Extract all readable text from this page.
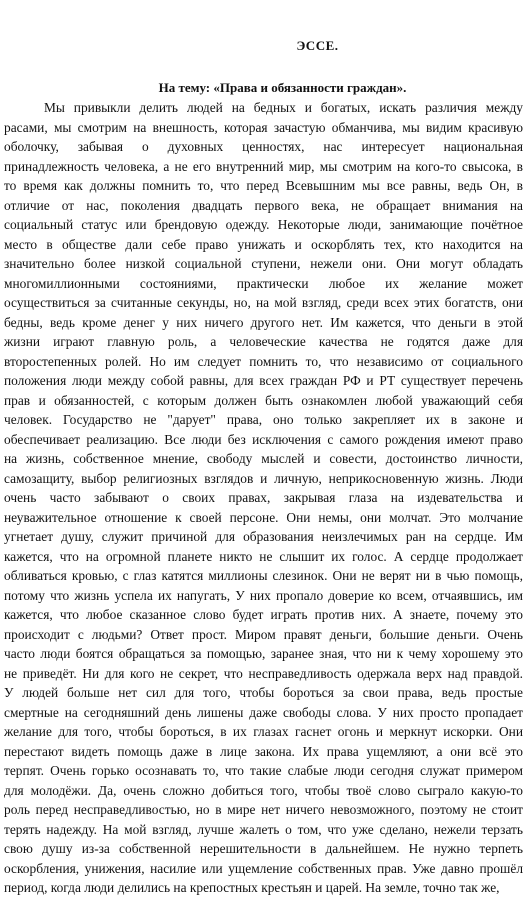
ЭССЕ.
На тему: «Права и обязанности граждан».
Мы привыкли делить людей на бедных и богатых, искать различия между
расами, мы смотрим на внешность, которая зачастую обманчива, мы видим красивую
оболочку, забывая о духовных ценностях, нас интересует национальная
принадлежность человека, а не его внутренний мир, мы смотрим на кого-то свысока, в
то время как должны помнить то, что перед Всевышним мы все равны, ведь Он, в
отличие от нас, поколения двадцать первого века, не обращает внимания на
социальный статус или брендовую одежду. Некоторые люди, занимающие почётное
место в обществе дали себе право унижать и оскорблять тех, кто находится на
значительно более низкой социальной ступени, нежели они. Они могут обладать
многомиллионными состояниями, практически любое их желание может
осуществиться за считанные секунды, но, на мой взгляд, среди всех этих богатств, они
бедны, ведь кроме денег у них ничего другого нет. Им кажется, что деньги в этой
жизни играют главную роль, а человеческие качества не годятся даже для
второстепенных ролей. Но им следует помнить то, что независимо от социального
положения люди между собой равны, для всех граждан РФ и РТ существует перечень
прав и обязанностей, с которым должен быть ознакомлен любой уважающий себя
человек. Государство не "дарует" права, оно только закрепляет их в законе и
обеспечивает реализацию. Все люди без исключения с самого рождения имеют право
на жизнь, собственное мнение, свободу мыслей и совести, достоинство личности,
самозащиту, выбор религиозных взглядов и личную, неприкосновенную жизнь. Люди
очень часто забывают о своих правах, закрывая глаза на издевательства и
неуважительное отношение к своей персоне. Они немы, они молчат. Это молчание
угнетает душу, служит причиной для образования неизлечимых ран на сердце. Им
кажется, что на огромной планете никто не слышит их голос. А сердце продолжает
обливаться кровью, с глаз катятся миллионы слезинок. Они не верят ни в чью помощь,
потому что жизнь успела их напугать, У них пропало доверие ко всем, отчаявшись, им
кажется, что любое сказанное слово будет играть против них. А знаете, почему это
происходит с людьми? Ответ прост. Миром правят деньги, большие деньги. Очень
часто люди боятся обращаться за помощью, заранее зная, что ни к чему хорошему это
не приведёт. Ни для кого не секрет, что несправедливость одержала верх над правдой.
У людей больше нет сил для того, чтобы бороться за свои права, ведь простые
смертные на сегодняшний день лишены даже свободы слова. У них просто пропадает
желание для того, чтобы бороться, в их глазах гаснет огонь и меркнут искорки. Они
перестают видеть помощь даже в лице закона. Их права ущемляют, а они всё это
терпят. Очень горько осознавать то, что такие слабые люди сегодня служат примером
для молодёжи. Да, очень сложно добиться того, чтобы твоё слово сыграло какую-то
роль перед несправедливостью, но в мире нет ничего невозможного, поэтому не стоит
терять надежду. На мой взгляд, лучше жалеть о том, что уже сделано, нежели терзать
свою душу из-за собственной нерешительности в дальнейшем. Не нужно терпеть
оскорбления, унижения, насилие или ущемление собственных прав. Уже давно прошёл
период, когда люди делились на крепостных крестьян и царей. На земле, точно так же,
